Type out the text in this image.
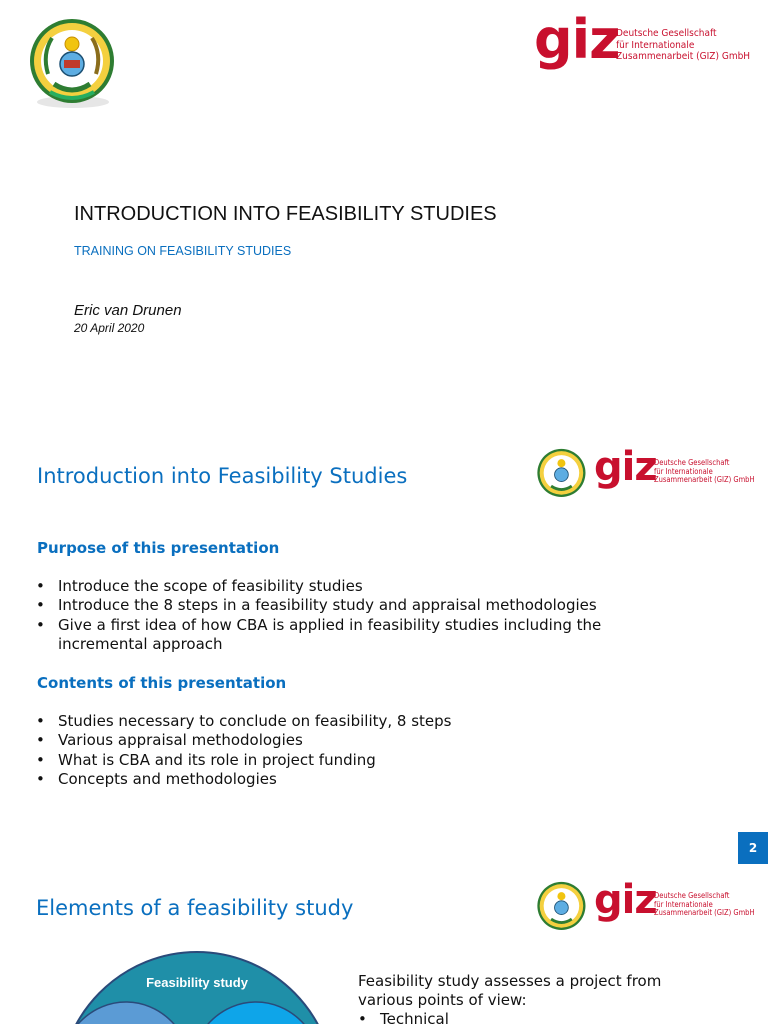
giz
Deutsche Gesellschaft
für Internationale
Zusammenarbeit (GIZ) GmbH
INTRODUCTION INTO FEASIBILITY STUDIES
TRAINING ON FEASIBILITY STUDIES
Eric van Drunen
20 April 2020
Introduction into Feasibility Studies	giz
Deutsche Gesellschaft
für Internationale
Zusammenarbeit (GIZ) GmbH
Purpose of this presentation
• Introduce the scope of feasibility studies
• Introduce the 8 steps in a feasibility study and appraisal methodologies
• Give a first idea of how CBA is applied in feasibility studies including the incremental approach
Contents of this presentation
• Studies necessary to conclude on feasibility, 8 steps
• Various appraisal methodologies
• What is CBA and its role in project funding
• Concepts and methodologies
2
Elements of a feasibility study	giz
Deutsche Gesellschaft
für Internationale
Zusammenarbeit (GIZ) GmbH
Feasibility study	Feasibility study assesses a project from various points of view:
• Technical
